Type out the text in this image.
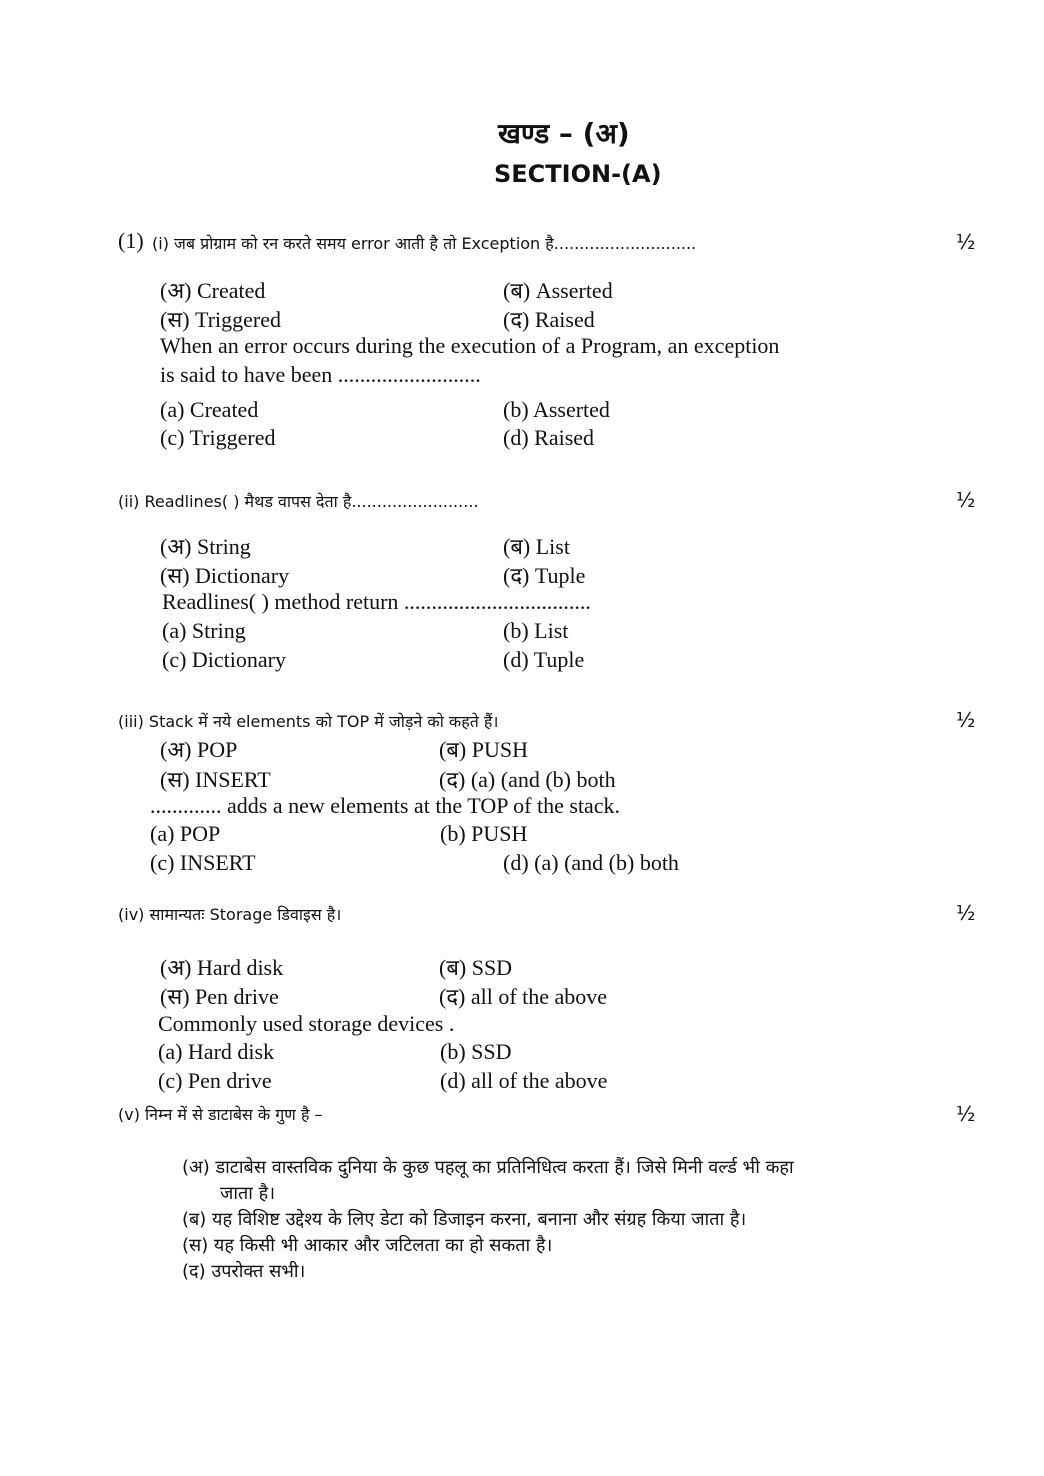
खण्ड – (अ)
SECTION-(A)
(1) (i) जब प्रोग्राम को रन करते समय error आती है तो Exception है............................	½
(अ) Created	(ब) Asserted
(स) Triggered	(द) Raised
When an error occurs during the execution of a Program, an exception
is said to have been ..........................
(a) Created	(b) Asserted
(c) Triggered	(d) Raised
(ii) Readlines( ) मैथड वापस देता है.........................	½
(अ) String	(ब) List
(स) Dictionary	(द) Tuple
Readlines( ) method return ..................................
(a) String	(b) List
(c) Dictionary	(d) Tuple
(iii) Stack में नये elements को TOP में जोड़ने को कहते हैं।	½
(अ) POP	(ब) PUSH
(स) INSERT	(द) (a) (and (b) both
............. adds a new elements at the TOP of the stack.
(a) POP	(b) PUSH
(c) INSERT	(d) (a) (and (b) both
(iv) सामान्यतः Storage डिवाइस है।	½
(अ) Hard disk	(ब) SSD
(स) Pen drive	(द) all of the above
Commonly used storage devices .
(a) Hard disk	(b) SSD
(c) Pen drive	(d) all of the above
(v) निम्न में से डाटाबेस के गुण है –	½
(अ) डाटाबेस वास्तविक दुनिया के कुछ पहलू का प्रतिनिधित्व करता हैं। जिसे मिनी वर्ल्ड भी कहा
जाता है।
(ब) यह विशिष्ट उद्देश्य के लिए डेटा को डिजाइन करना, बनाना और संग्रह किया जाता है।
(स) यह किसी भी आकार और जटिलता का हो सकता है।
(द) उपरोक्त सभी।
